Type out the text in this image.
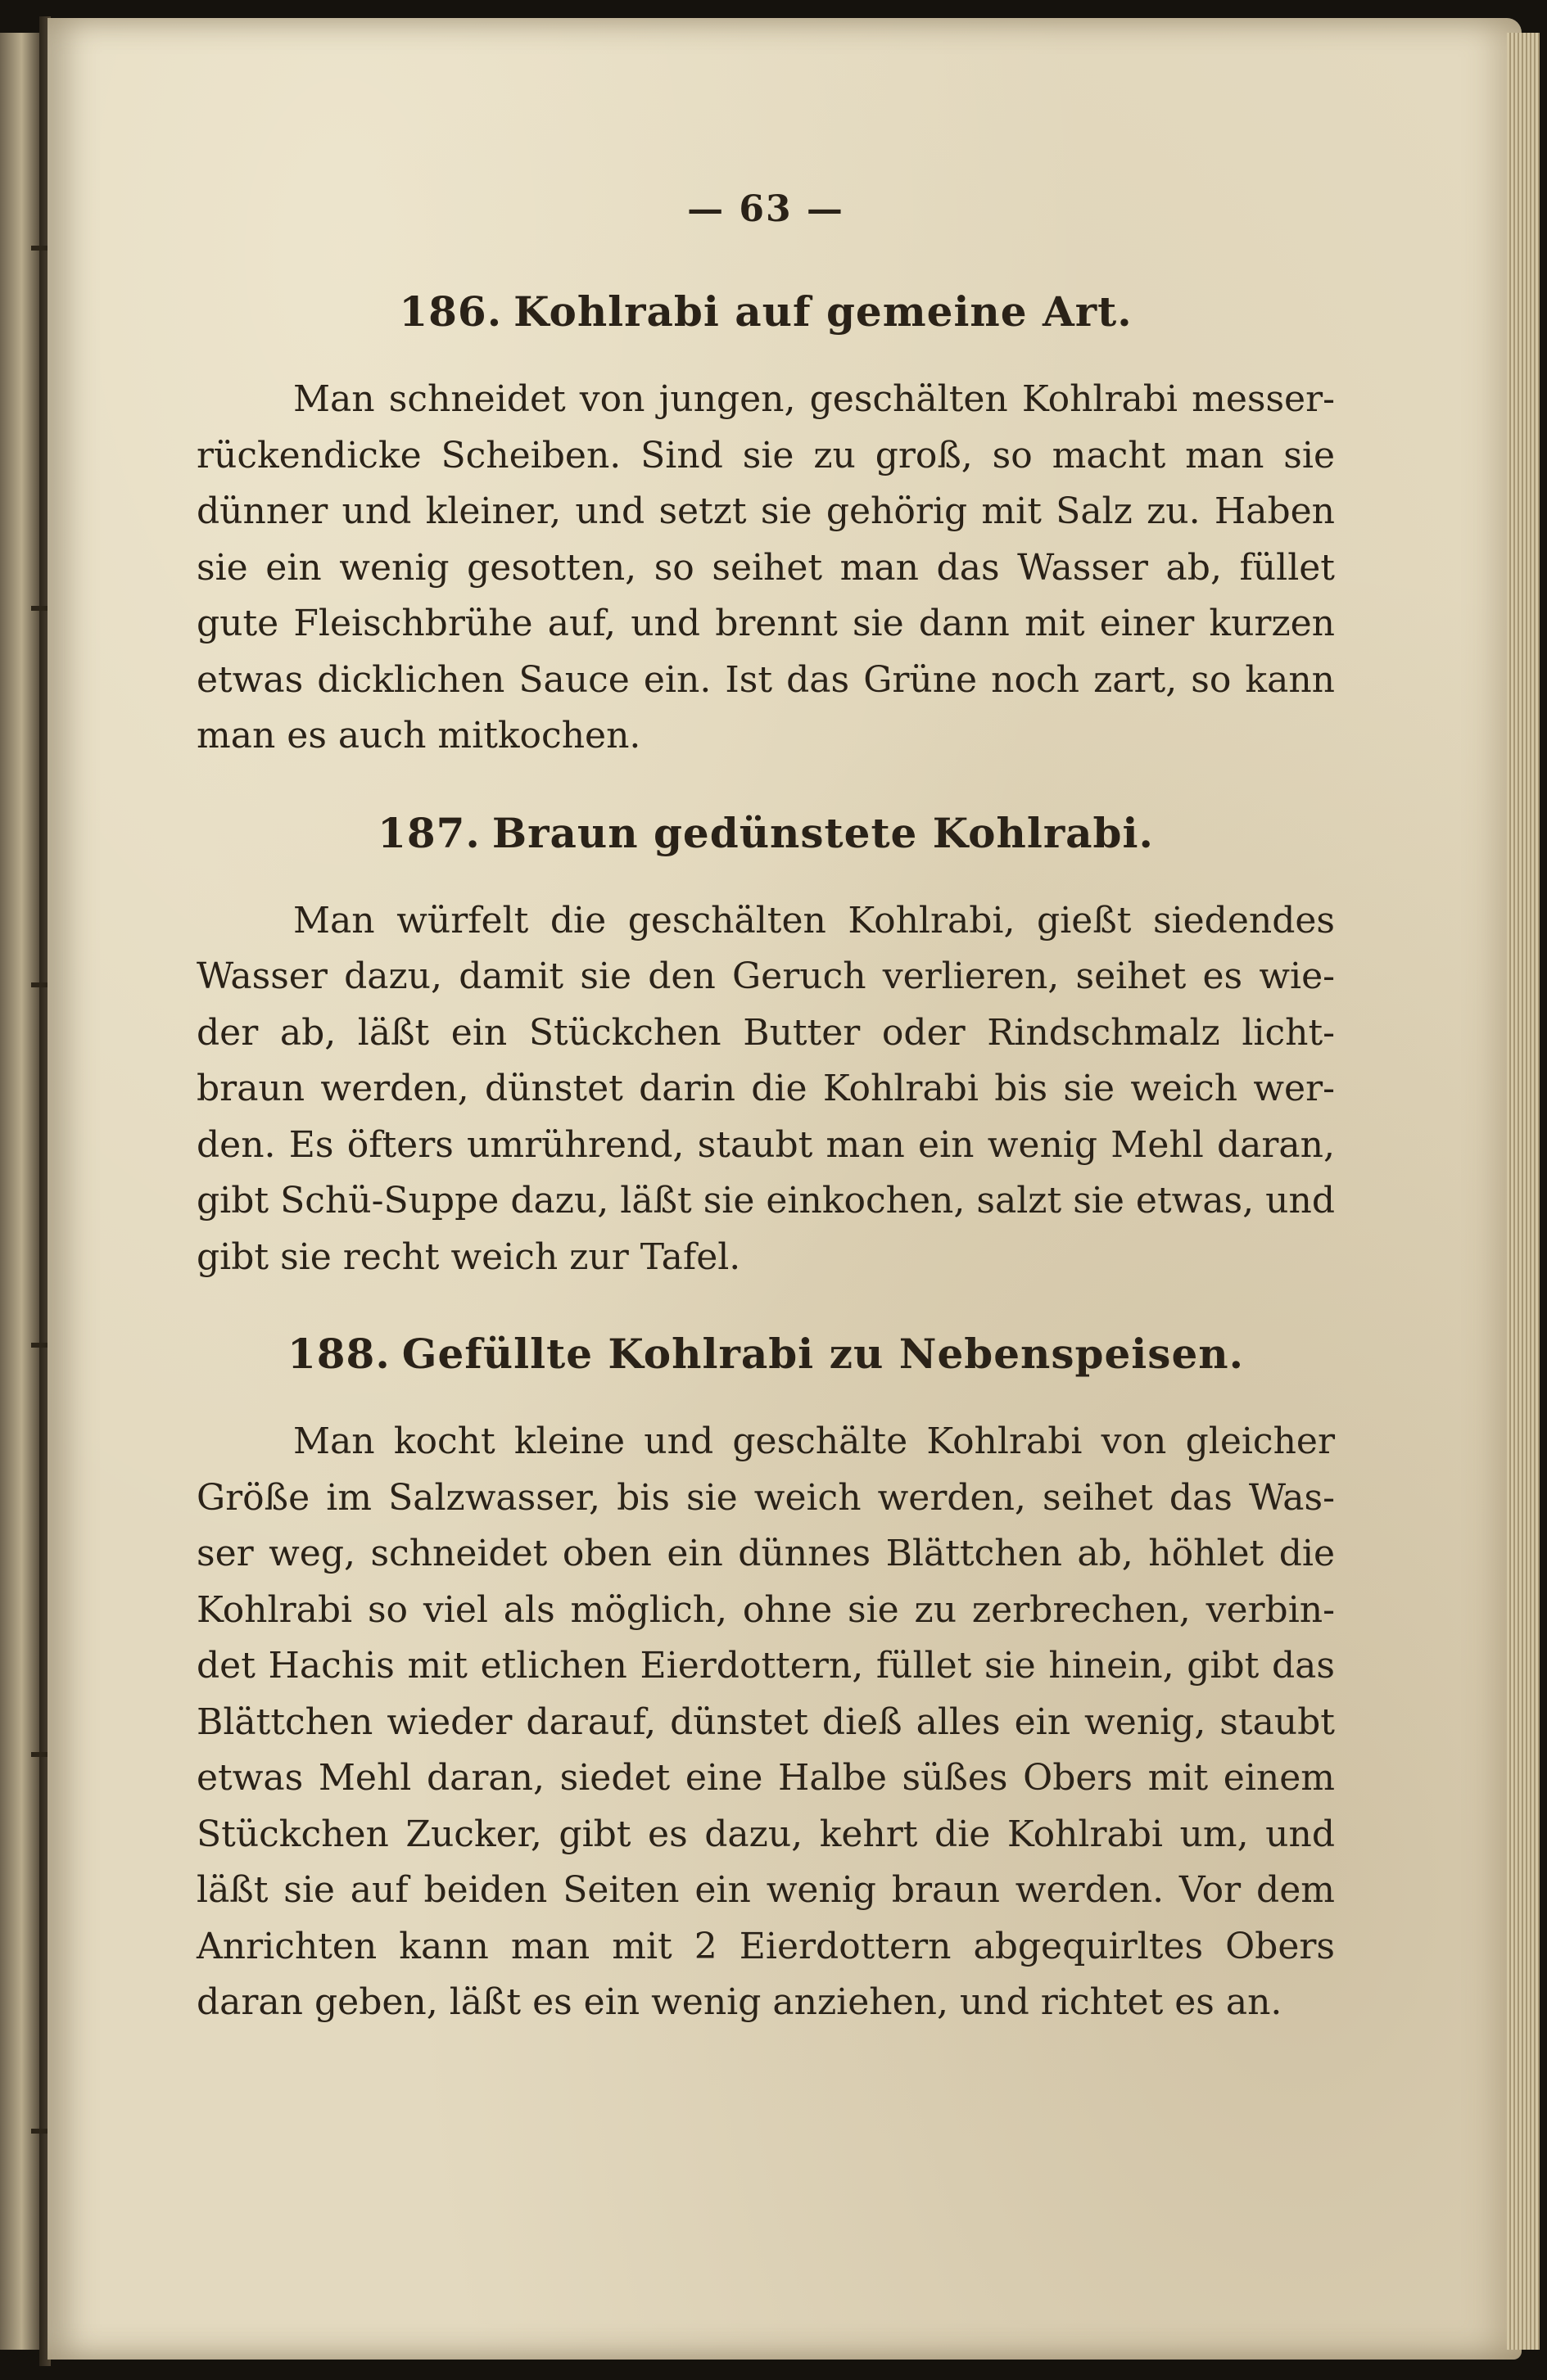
— 63 —
186. Kohlrabi auf gemeine Art.

Man schneidet von jungen, geschälten Kohlrabi messer- rückendicke Scheiben. Sind sie zu groß, so macht man sie dünner und kleiner, und setzt sie gehörig mit Salz zu. Haben sie ein wenig gesotten, so seihet man das Wasser ab, füllet gute Fleischbrühe auf, und brennt sie dann mit einer kurzen etwas dicklichen Sauce ein. Ist das Grüne noch zart, so kann man es auch mitkochen.

187. Braun gedünstete Kohlrabi.

Man würfelt die geschälten Kohlrabi, gießt siedendes Wasser dazu, damit sie den Geruch verlieren, seihet es wie- der ab, läßt ein Stückchen Butter oder Rindschmalz licht- braun werden, dünstet darin die Kohlrabi bis sie weich wer- den. Es öfters umrührend, staubt man ein wenig Mehl daran, gibt Schü-Suppe dazu, läßt sie einkochen, salzt sie etwas, und gibt sie recht weich zur Tafel.

188. Gefüllte Kohlrabi zu Nebenspeisen.

Man kocht kleine und geschälte Kohlrabi von gleicher Größe im Salzwasser, bis sie weich werden, seihet das Was- ser weg, schneidet oben ein dünnes Blättchen ab, höhlet die Kohlrabi so viel als möglich, ohne sie zu zerbrechen, verbin- det Hachis mit etlichen Eierdottern, füllet sie hinein, gibt das Blättchen wieder darauf, dünstet dieß alles ein wenig, staubt etwas Mehl daran, siedet eine Halbe süßes Obers mit einem Stückchen Zucker, gibt es dazu, kehrt die Kohlrabi um, und läßt sie auf beiden Seiten ein wenig braun werden. Vor dem Anrichten kann man mit 2 Eierdottern abgequirltes Obers daran geben, läßt es ein wenig anziehen, und richtet es an.
